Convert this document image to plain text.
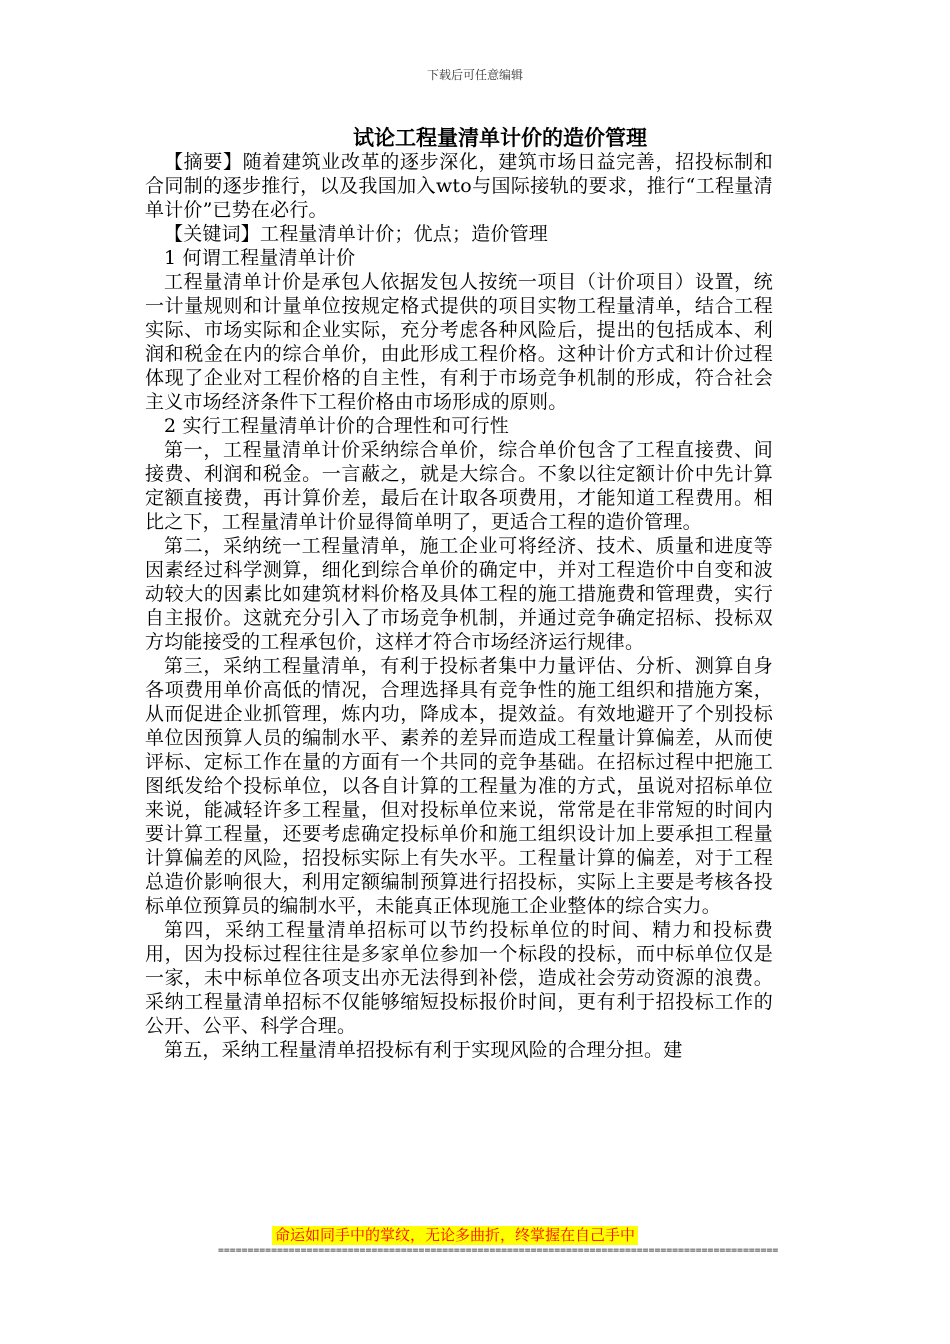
下载后可任意编辑
试论工程量清单计价的造价管理

【摘要】随着建筑业改革的逐步深化，建筑市场日益完善，招投标制和合同制的逐步推行，以及我国加入wto与国际接轨的要求，推行“工程量清单计价”已势在必行。

【关键词】工程量清单计价；优点；造价管理

1 何谓工程量清单计价

工程量清单计价是承包人依据发包人按统一项目（计价项目）设置，统一计量规则和计量单位按规定格式提供的项目实物工程量清单，结合工程实际、市场实际和企业实际，充分考虑各种风险后，提出的包括成本、利润和税金在内的综合单价，由此形成工程价格。这种计价方式和计价过程体现了企业对工程价格的自主性，有利于市场竞争机制的形成，符合社会主义市场经济条件下工程价格由市场形成的原则。

2 实行工程量清单计价的合理性和可行性

第一，工程量清单计价采纳综合单价，综合单价包含了工程直接费、间接费、利润和税金。一言蔽之，就是大综合。不象以往定额计价中先计算定额直接费，再计算价差，最后在计取各项费用，才能知道工程费用。相比之下，工程量清单计价显得简单明了，更适合工程的造价管理。

第二，采纳统一工程量清单，施工企业可将经济、技术、质量和进度等因素经过科学测算，细化到综合单价的确定中，并对工程造价中自变和波动较大的因素比如建筑材料价格及具体工程的施工措施费和管理费，实行自主报价。这就充分引入了市场竞争机制，并通过竞争确定招标、投标双方均能接受的工程承包价，这样才符合市场经济运行规律。

第三，采纳工程量清单，有利于投标者集中力量评估、分析、测算自身各项费用单价高低的情况，合理选择具有竞争性的施工组织和措施方案，从而促进企业抓管理，炼内功，降成本，提效益。有效地避开了个别投标单位因预算人员的编制水平、素养的差异而造成工程量计算偏差，从而使评标、定标工作在量的方面有一个共同的竞争基础。在招标过程中把施工图纸发给个投标单位，以各自计算的工程量为准的方式，虽说对招标单位来说，能减轻许多工程量，但对投标单位来说，常常是在非常短的时间内要计算工程量，还要考虑确定投标单价和施工组织设计加上要承担工程量计算偏差的风险，招投标实际上有失水平。工程量计算的偏差，对于工程总造价影响很大，利用定额编制预算进行招投标，实际上主要是考核各投标单位预算员的编制水平，未能真正体现施工企业整体的综合实力。

第四，采纳工程量清单招标可以节约投标单位的时间、精力和投标费用，因为投标过程往往是多家单位参加一个标段的投标，而中标单位仅是一家，未中标单位各项支出亦无法得到补偿，造成社会劳动资源的浪费。采纳工程量清单招标不仅能够缩短投标报价时间，更有利于招投标工作的公开、公平、科学合理。

第五，采纳工程量清单招投标有利于实现风险的合理分担。建

命运如同手中的掌纹，无论多曲折，终掌握在自己手中
===============================================================================================
